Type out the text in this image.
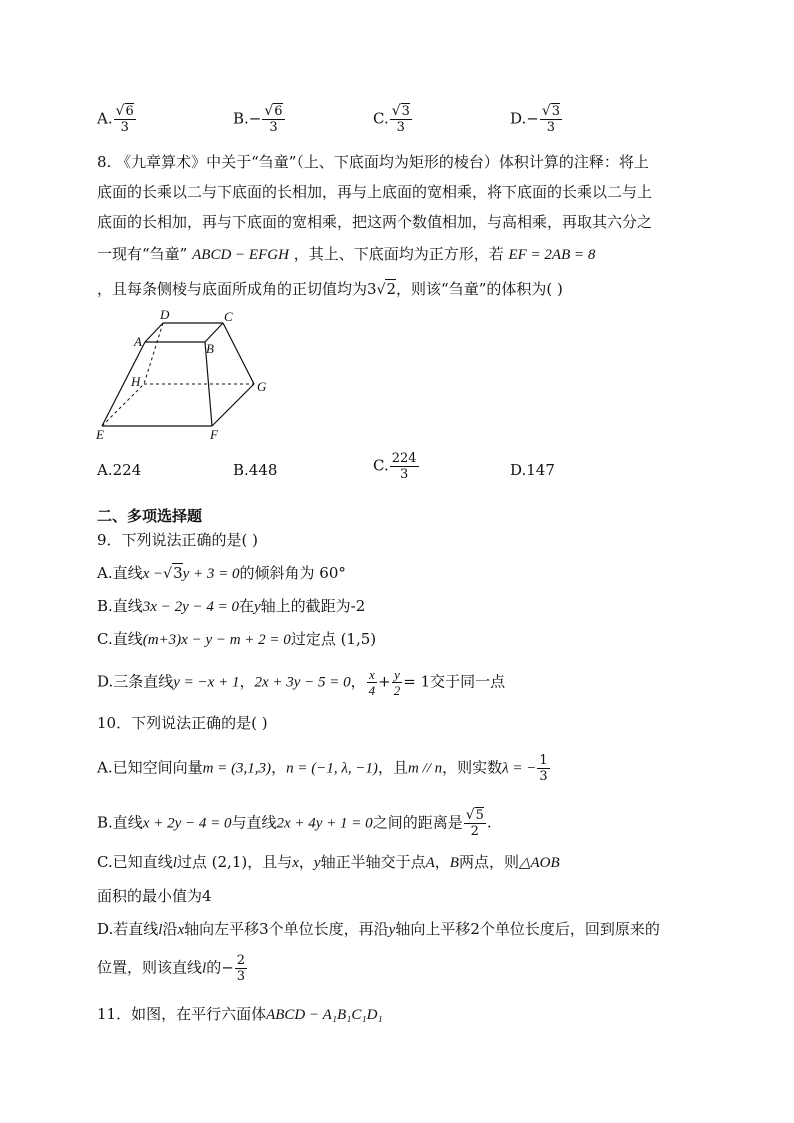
A. $\frac{√6}{3}$	$B.- \frac{√6}{3}$	C. $\frac{√3}{3}$	$D.- \frac{√3}{3}$
8. 《九章算术》中关于“刍童”（上、下底面均为矩形的棱台）体积计算的注释：将上
底面的长乘以二与下底面的长相加，再与上底面的宽相乘，将下底面的长乘以二与上
底面的长相加，再与下底面的宽相乘，把这两个数值相加，与高相乘，再取其六分之
一现有“刍童” ABCD − EFGH ，其上、下底面均为正方形，若 EF = 2AB = 8
，且每条侧棱与底面所成角的正切值均为3√2，则该“刍童”的体积为( )
D	C
A	B
H	G
E	F
A.224	B.448	C. $\frac{224}{3}$	D.147
二、多项选择题
9．下列说法正确的是( )
A.直线x −√3y + 3 = 0的倾斜角为 60°
B.直线3x − 2y − 4 = 0在y轴上的截距为-2
C.直线(m+3)x − y − m + 2 = 0过定点 (1,5)
D.三条直线y = −x + 1，2x + 3y − 5 = 0， $\frac{x}{4} + \frac{y}{2} = 1$交于同一点
10．下列说法正确的是( )
A.已知空间向量m = (3,1,3)，n = (−1, λ, −1)，且m // n，则实数λ = − $\frac{1}{3}$
B.直线x + 2y − 4 = 0与直线2x + 4y + 1 = 0之间的距离是 $\frac{√5}{2}$ .
C.已知直线l过点 (2,1)，且与x，y轴正半轴交于点A，B两点，则△AOB
面积的最小值为4
D.若直线l沿x轴向左平移3个单位长度，再沿y轴向上平移2个单位长度后，回到原来的
位置，则该直线l的− $\frac{2}{3}$
11．如图，在平行六面体ABCD − A₁B₁C₁D₁
